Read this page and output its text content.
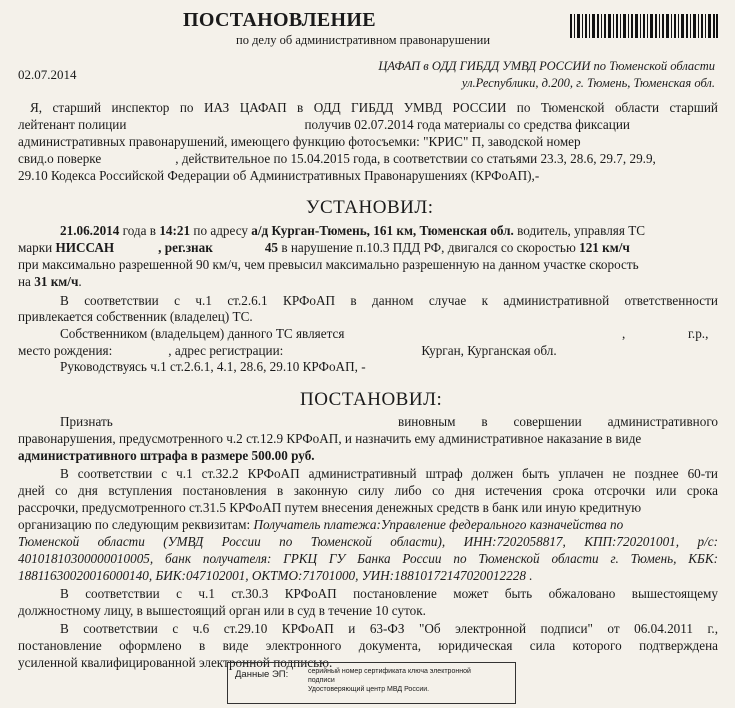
ПОСТАНОВЛЕНИЕ
по делу об административном правонарушении
02.07.2014
ЦАФАП в ОДД ГИБДД УМВД РОССИИ по Тюменской области
ул.Республики, д.200, г. Тюмень, Тюменская обл.
Я, старший инспектор по ИАЗ ЦАФАП в ОДД ГИБДД УМВД РОССИИ по Тюменской области старший
лейтенант полиции	получив 02.07.2014 года материалы со средства фиксации
административных правонарушений, имеющего функцию фотосъемки: "КРИС" П, заводской номер
свид.о поверке	, действительное по 15.04.2015 года, в соответствии со статьями 23.3, 28.6, 29.7, 29.9,
29.10 Кодекса Российской Федерации об Административных Правонарушениях (КРФоАП),-
УСТАНОВИЛ:
21.06.2014 года в 14:21 по адресу а/д Курган-Тюмень, 161 км, Тюменская обл. водитель, управляя ТС
марки НИССАН	, рег.знак	45 в нарушение п.10.3 ПДД РФ, двигался со скоростью 121 км/ч
при максимально разрешенной 90 км/ч, чем превысил максимально разрешенную на данном участке скорость
на 31 км/ч.
В соответствии с ч.1 ст.2.6.1 КРФоАП в данном случае к административной ответственности
привлекается собственник (владелец) ТС.
Собственником (владельцем) данного ТС является	,	г.р.,
место рождения:	, адрес регистрации:	Курган, Курганская обл.
Руководствуясь ч.1 ст.2.6.1, 4.1, 28.6, 29.10 КРФоАП, -
ПОСТАНОВИЛ:
Признать	виновным в совершении административного
правонарушения, предусмотренного ч.2 ст.12.9 КРФоАП, и назначить ему административное наказание в виде
административного штрафа в размере 500.00 руб.
В соответствии с ч.1 ст.32.2 КРФоАП административный штраф должен быть уплачен не позднее 60-ти
дней со дня вступления постановления в законную силу либо со дня истечения срока отсрочки или срока
рассрочки, предусмотренного ст.31.5 КРФоАП путем внесения денежных средств в банк или иную кредитную
организацию по следующим реквизитам: Получатель платежа:Управление федерального казначейства по
Тюменской области (УМВД России по Тюменской области), ИНН:7202058817, КПП:720201001, р/с:
40101810300000010005, банк получателя: ГРКЦ ГУ Банка России по Тюменской области г. Тюмень, КБК:
18811630020016000140, БИК:047102001, ОКТМО:71701000, УИН:18810172147020012228 .
В соответствии с ч.1 ст.30.3 КРФоАП постановление может быть обжаловано вышестоящему
должностному лицу, в вышестоящий орган или в суд в течение 10 суток.
В соответствии с ч.6 ст.29.10 КРФоАП и 63-ФЗ "Об электронной подписи" от 06.04.2011 г.,
постановление оформлено в виде электронного документа, юридическая сила которого подтверждена
усиленной квалифицированной электронной подписью.
Данные ЭП:	серийный номер сертификата ключа электронной
подписи
Удостоверяющий центр МВД России.
